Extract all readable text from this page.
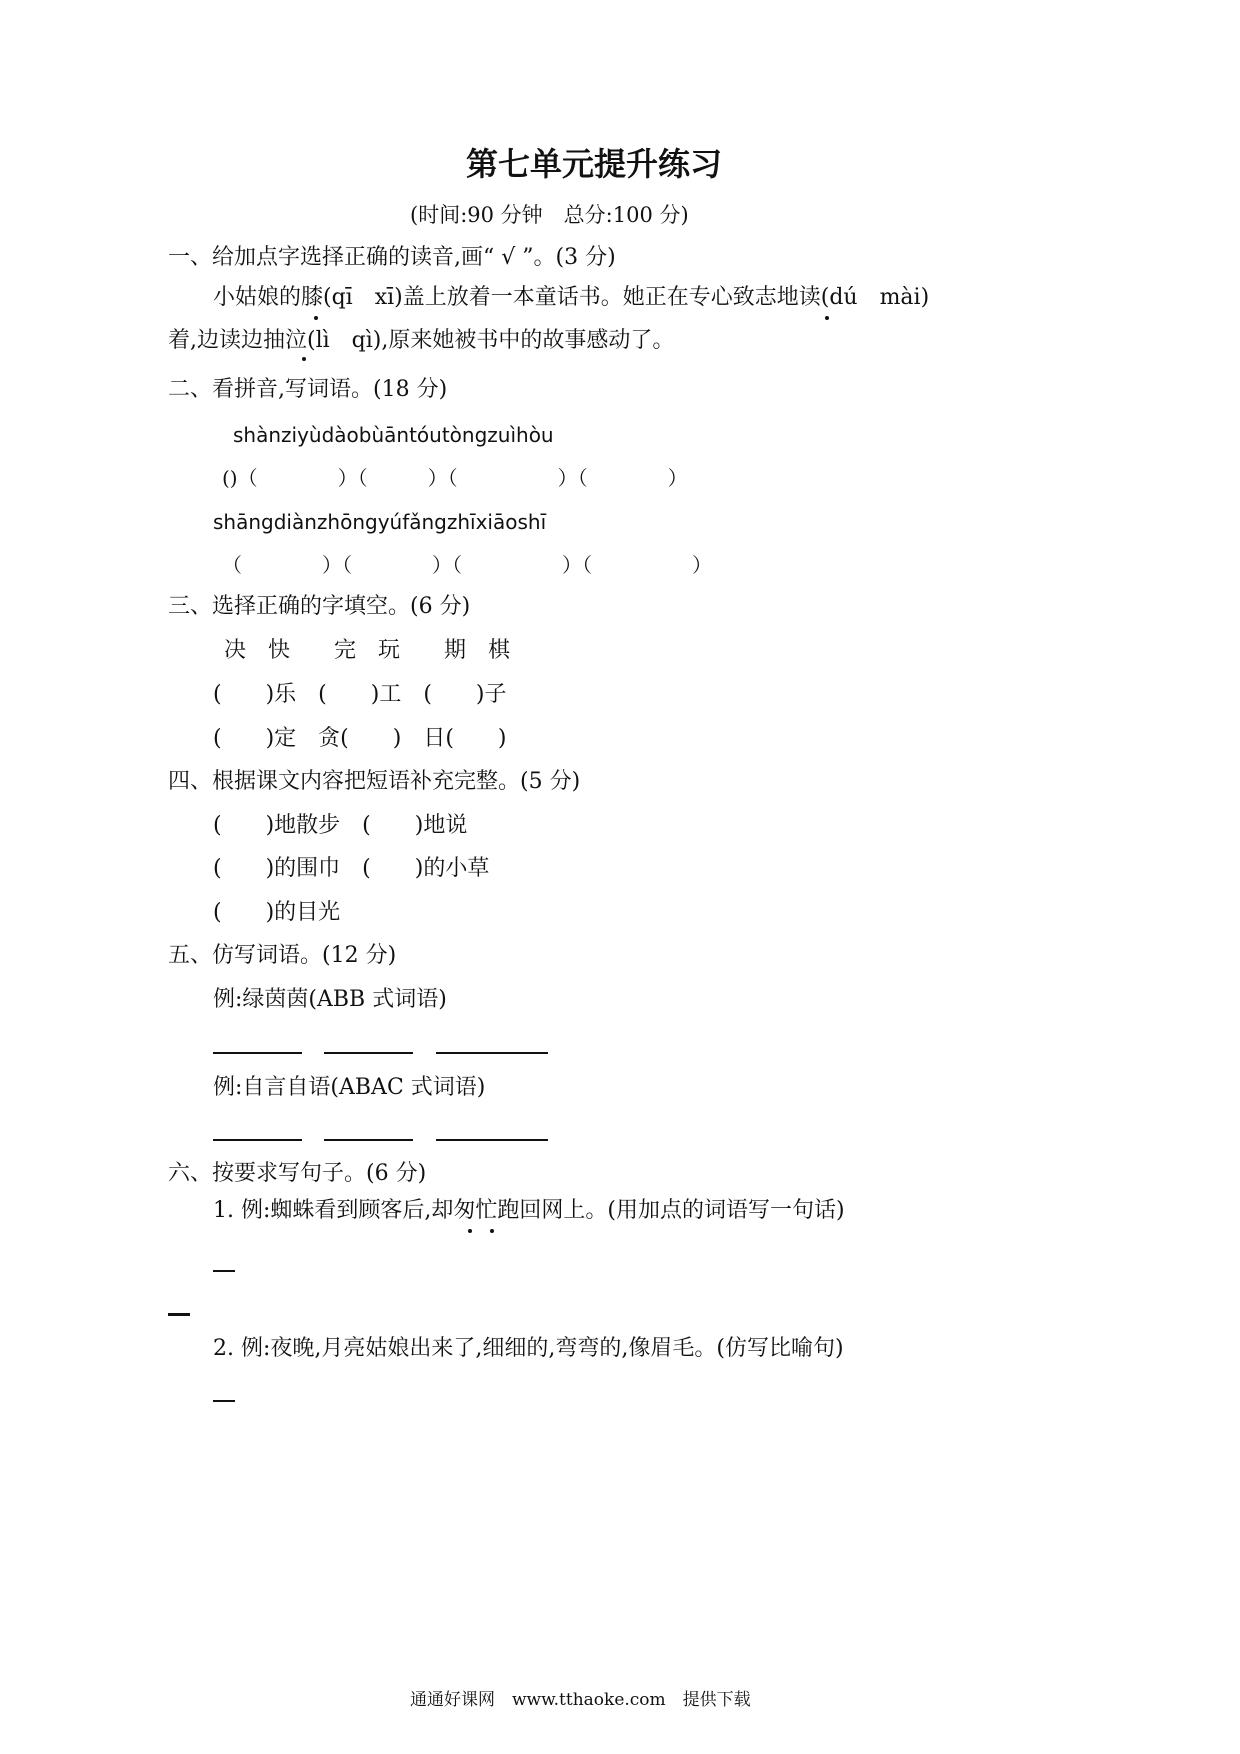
第七单元提升练习
(时间:90 分钟　总分:100 分)
一、给加点字选择正确的读音,画“ √ ”。(3 分)
小姑娘的膝(qī　xī)盖上放着一本童话书。她正在专心致志地读(dú　mài)
着,边读边抽泣(lì　qì),原来她被书中的故事感动了。
二、看拼音,写词语。(18 分)
shànziyùdàobùāntóutòngzuìhòu
()（　　　　）（　　　）（　　　　　）（　　　　）
shāngdiànzhōngyúfǎngzhīxiāoshī
（　　　　）（　　　　）（　　　　　）（　　　　　）
三、选择正确的字填空。(6 分)
决　快　　完　玩　　期　棋
(　　)乐　(　　)工　(　　)子
(　　)定　贪(　　)　日(　　)
四、根据课文内容把短语补充完整。(5 分)
(　　)地散步　(　　)地说
(　　)的围巾　(　　)的小草
(　　)的目光
五、仿写词语。(12 分)
例:绿茵茵(ABB 式词语)
例:自言自语(ABAC 式词语)
六、按要求写句子。(6 分)
1. 例:蜘蛛看到顾客后,却匆忙跑回网上。(用加点的词语写一句话)
2. 例:夜晚,月亮姑娘出来了,细细的,弯弯的,像眉毛。(仿写比喻句)
通通好课网　www.tthaoke.com　提供下载
